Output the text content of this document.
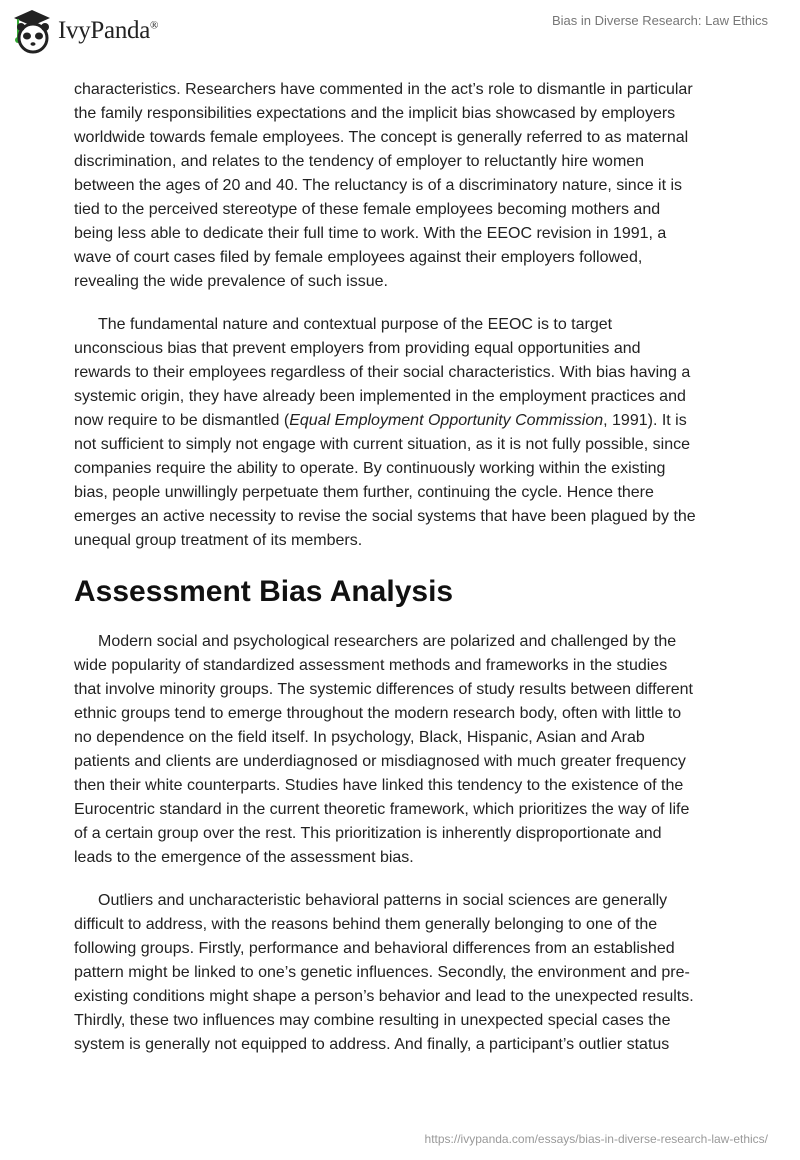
IvyPanda®	Bias in Diverse Research: Law Ethics
characteristics. Researchers have commented in the act’s role to dismantle in particular
the family responsibilities expectations and the implicit bias showcased by employers
worldwide towards female employees. The concept is generally referred to as maternal
discrimination, and relates to the tendency of employer to reluctantly hire women
between the ages of 20 and 40. The reluctancy is of a discriminatory nature, since it is
tied to the perceived stereotype of these female employees becoming mothers and
being less able to dedicate their full time to work. With the EEOC revision in 1991, a
wave of court cases filed by female employees against their employers followed,
revealing the wide prevalence of such issue.
The fundamental nature and contextual purpose of the EEOC is to target
unconscious bias that prevent employers from providing equal opportunities and
rewards to their employees regardless of their social characteristics. With bias having a
systemic origin, they have already been implemented in the employment practices and
now require to be dismantled (Equal Employment Opportunity Commission, 1991). It is
not sufficient to simply not engage with current situation, as it is not fully possible, since
companies require the ability to operate. By continuously working within the existing
bias, people unwillingly perpetuate them further, continuing the cycle. Hence there
emerges an active necessity to revise the social systems that have been plagued by the
unequal group treatment of its members.
Assessment Bias Analysis
Modern social and psychological researchers are polarized and challenged by the
wide popularity of standardized assessment methods and frameworks in the studies
that involve minority groups. The systemic differences of study results between different
ethnic groups tend to emerge throughout the modern research body, often with little to
no dependence on the field itself. In psychology, Black, Hispanic, Asian and Arab
patients and clients are underdiagnosed or misdiagnosed with much greater frequency
then their white counterparts. Studies have linked this tendency to the existence of the
Eurocentric standard in the current theoretic framework, which prioritizes the way of life
of a certain group over the rest. This prioritization is inherently disproportionate and
leads to the emergence of the assessment bias.
Outliers and uncharacteristic behavioral patterns in social sciences are generally
difficult to address, with the reasons behind them generally belonging to one of the
following groups. Firstly, performance and behavioral differences from an established
pattern might be linked to one’s genetic influences. Secondly, the environment and pre-
existing conditions might shape a person’s behavior and lead to the unexpected results.
Thirdly, these two influences may combine resulting in unexpected special cases the
system is generally not equipped to address. And finally, a participant’s outlier status
https://ivypanda.com/essays/bias-in-diverse-research-law-ethics/
